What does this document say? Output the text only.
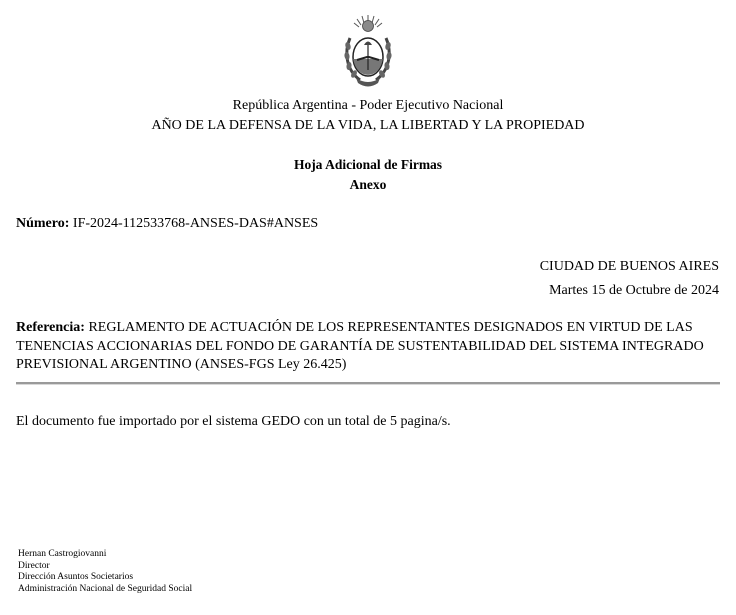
República Argentina - Poder Ejecutivo Nacional
AÑO DE LA DEFENSA DE LA VIDA, LA LIBERTAD Y LA PROPIEDAD
Hoja Adicional de Firmas
Anexo
Número: IF-2024-112533768-ANSES-DAS#ANSES
CIUDAD DE BUENOS AIRES
Martes 15 de Octubre de 2024
Referencia: REGLAMENTO DE ACTUACIÓN DE LOS REPRESENTANTES DESIGNADOS EN VIRTUD DE LAS TENENCIAS ACCIONARIAS DEL FONDO DE GARANTÍA DE SUSTENTABILIDAD DEL SISTEMA INTEGRADO PREVISIONAL ARGENTINO (ANSES-FGS Ley 26.425)
El documento fue importado por el sistema GEDO con un total de 5 pagina/s.
Hernan Castrogiovanni
Director
Dirección Asuntos Societarios
Administración Nacional de Seguridad Social
